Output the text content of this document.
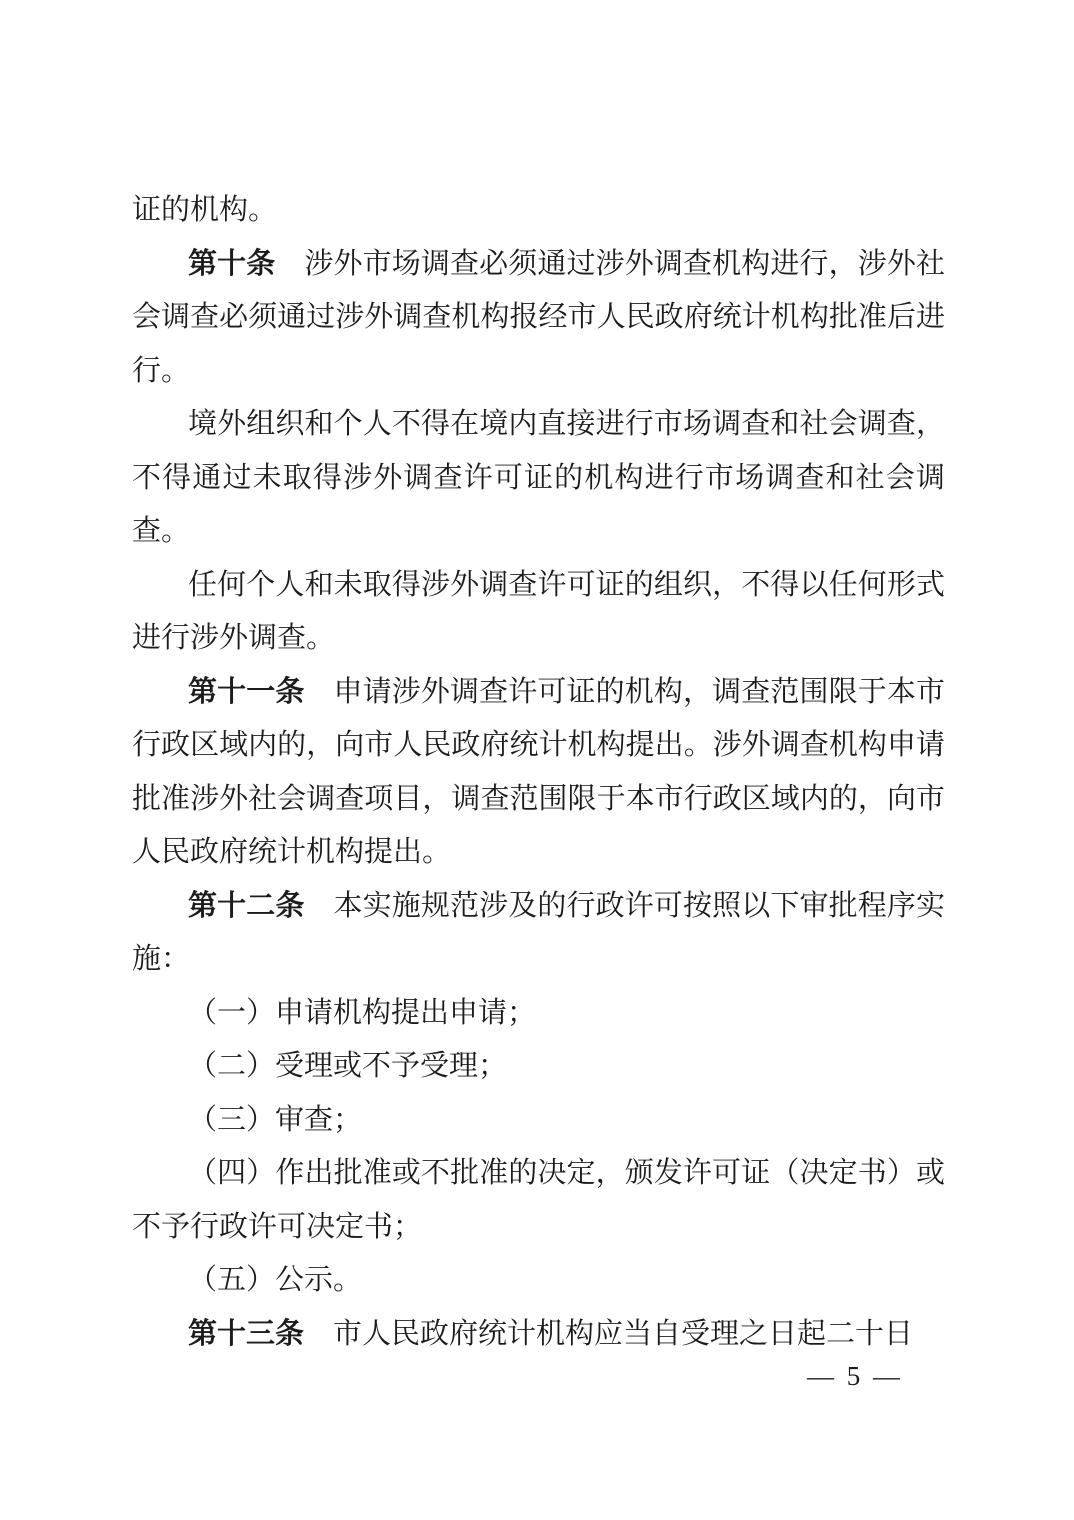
证的机构。

第十条 涉外市场调查必须通过涉外调查机构进行，涉外社会调查必须通过涉外调查机构报经市人民政府统计机构批准后进行。

境外组织和个人不得在境内直接进行市场调查和社会调查，不得通过未取得涉外调查许可证的机构进行市场调查和社会调查。

任何个人和未取得涉外调查许可证的组织，不得以任何形式进行涉外调查。

第十一条 申请涉外调查许可证的机构，调查范围限于本市行政区域内的，向市人民政府统计机构提出。涉外调查机构申请批准涉外社会调查项目，调查范围限于本市行政区域内的，向市人民政府统计机构提出。

第十二条 本实施规范涉及的行政许可按照以下审批程序实施：

（一）申请机构提出申请；

（二）受理或不予受理；

（三）审查；

（四）作出批准或不批准的决定，颁发许可证（决定书）或不予行政许可决定书；

（五）公示。

第十三条 市人民政府统计机构应当自受理之日起二十日

— 5 —
